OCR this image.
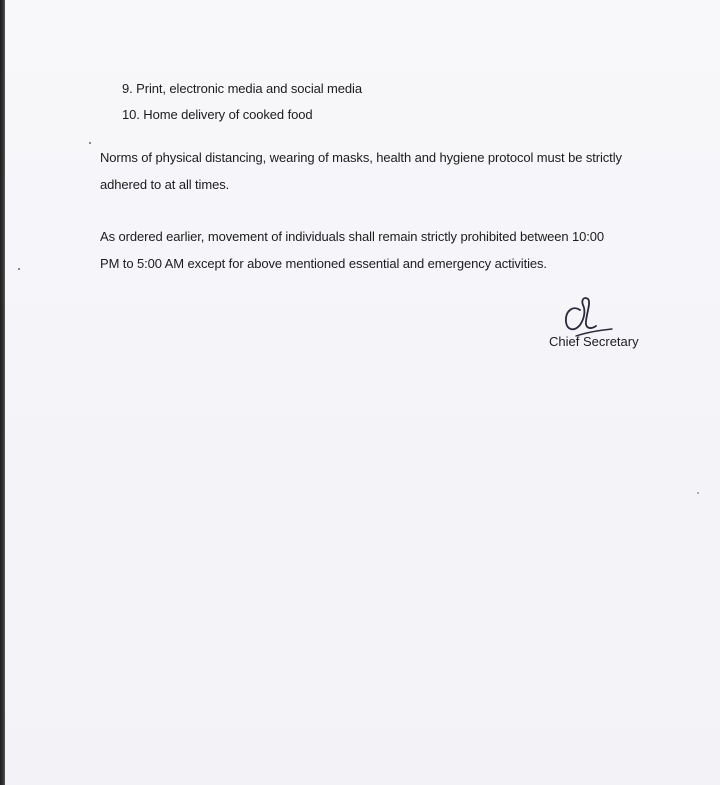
9. Print, electronic media and social media
10. Home delivery of cooked food
Norms of physical distancing, wearing of masks, health and hygiene protocol must be strictly
adhered to at all times.
As ordered earlier, movement of individuals shall remain strictly prohibited between 10:00
PM to 5:00 AM except for above mentioned essential and emergency activities.
Chief Secretary
